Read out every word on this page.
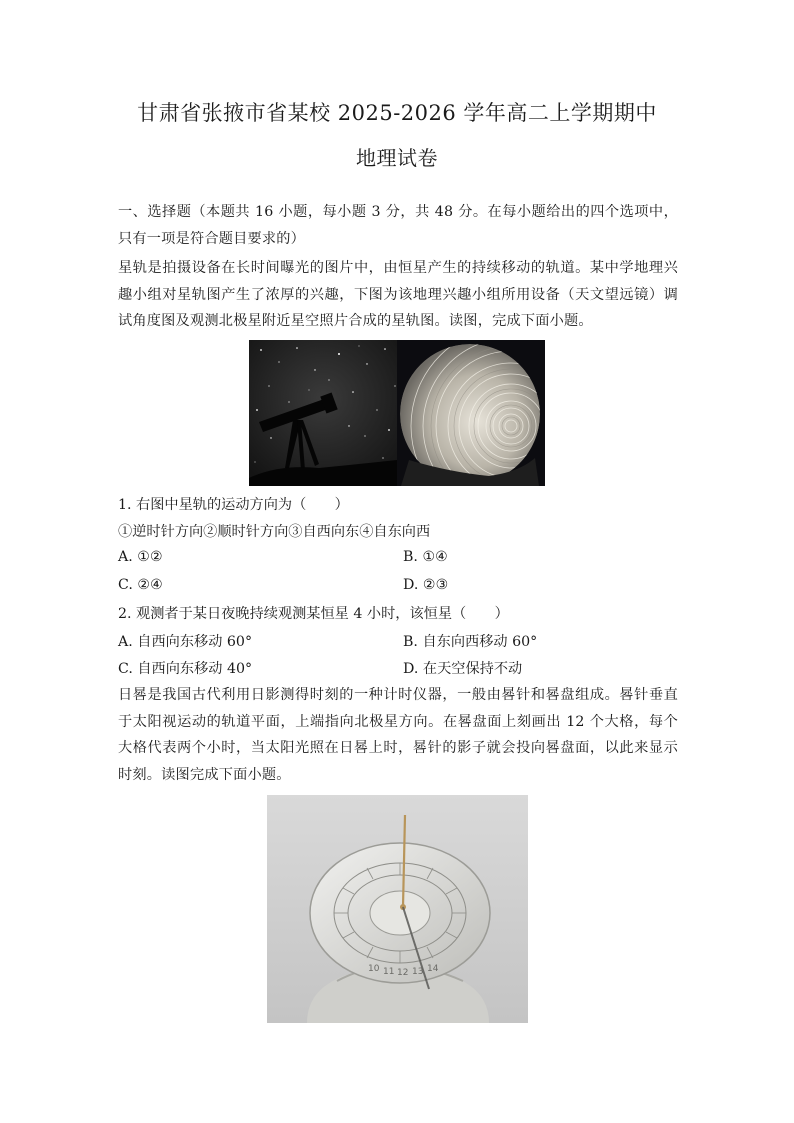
甘肃省张掖市省某校 2025-2026 学年高二上学期期中
地理试卷
一、选择题（本题共 16 小题，每小题 3 分，共 48 分。在每小题给出的四个选项中，只有一项是符合题目要求的）
星轨是拍摄设备在长时间曝光的图片中，由恒星产生的持续移动的轨道。某中学地理兴趣小组对星轨图产生了浓厚的兴趣，下图为该地理兴趣小组所用设备（天文望远镜）调试角度图及观测北极星附近星空照片合成的星轨图。读图，完成下面小题。
1. 右图中星轨的运动方向为（　　）
①逆时针方向②顺时针方向③自西向东④自东向西
A. ①②	B. ①④
C. ②④	D. ②③
2. 观测者于某日夜晚持续观测某恒星 4 小时，该恒星（　　）
A. 自西向东移动 60°	B. 自东向西移动 60°
C. 自西向东移动 40°	D. 在天空保持不动
日晷是我国古代利用日影测得时刻的一种计时仪器，一般由晷针和晷盘组成。晷针垂直于太阳视运动的轨道平面，上端指向北极星方向。在晷盘面上刻画出 12 个大格，每个大格代表两个小时，当太阳光照在日晷上时，晷针的影子就会投向晷盘面，以此来显示时刻。读图完成下面小题。
10 11 12 13 14
